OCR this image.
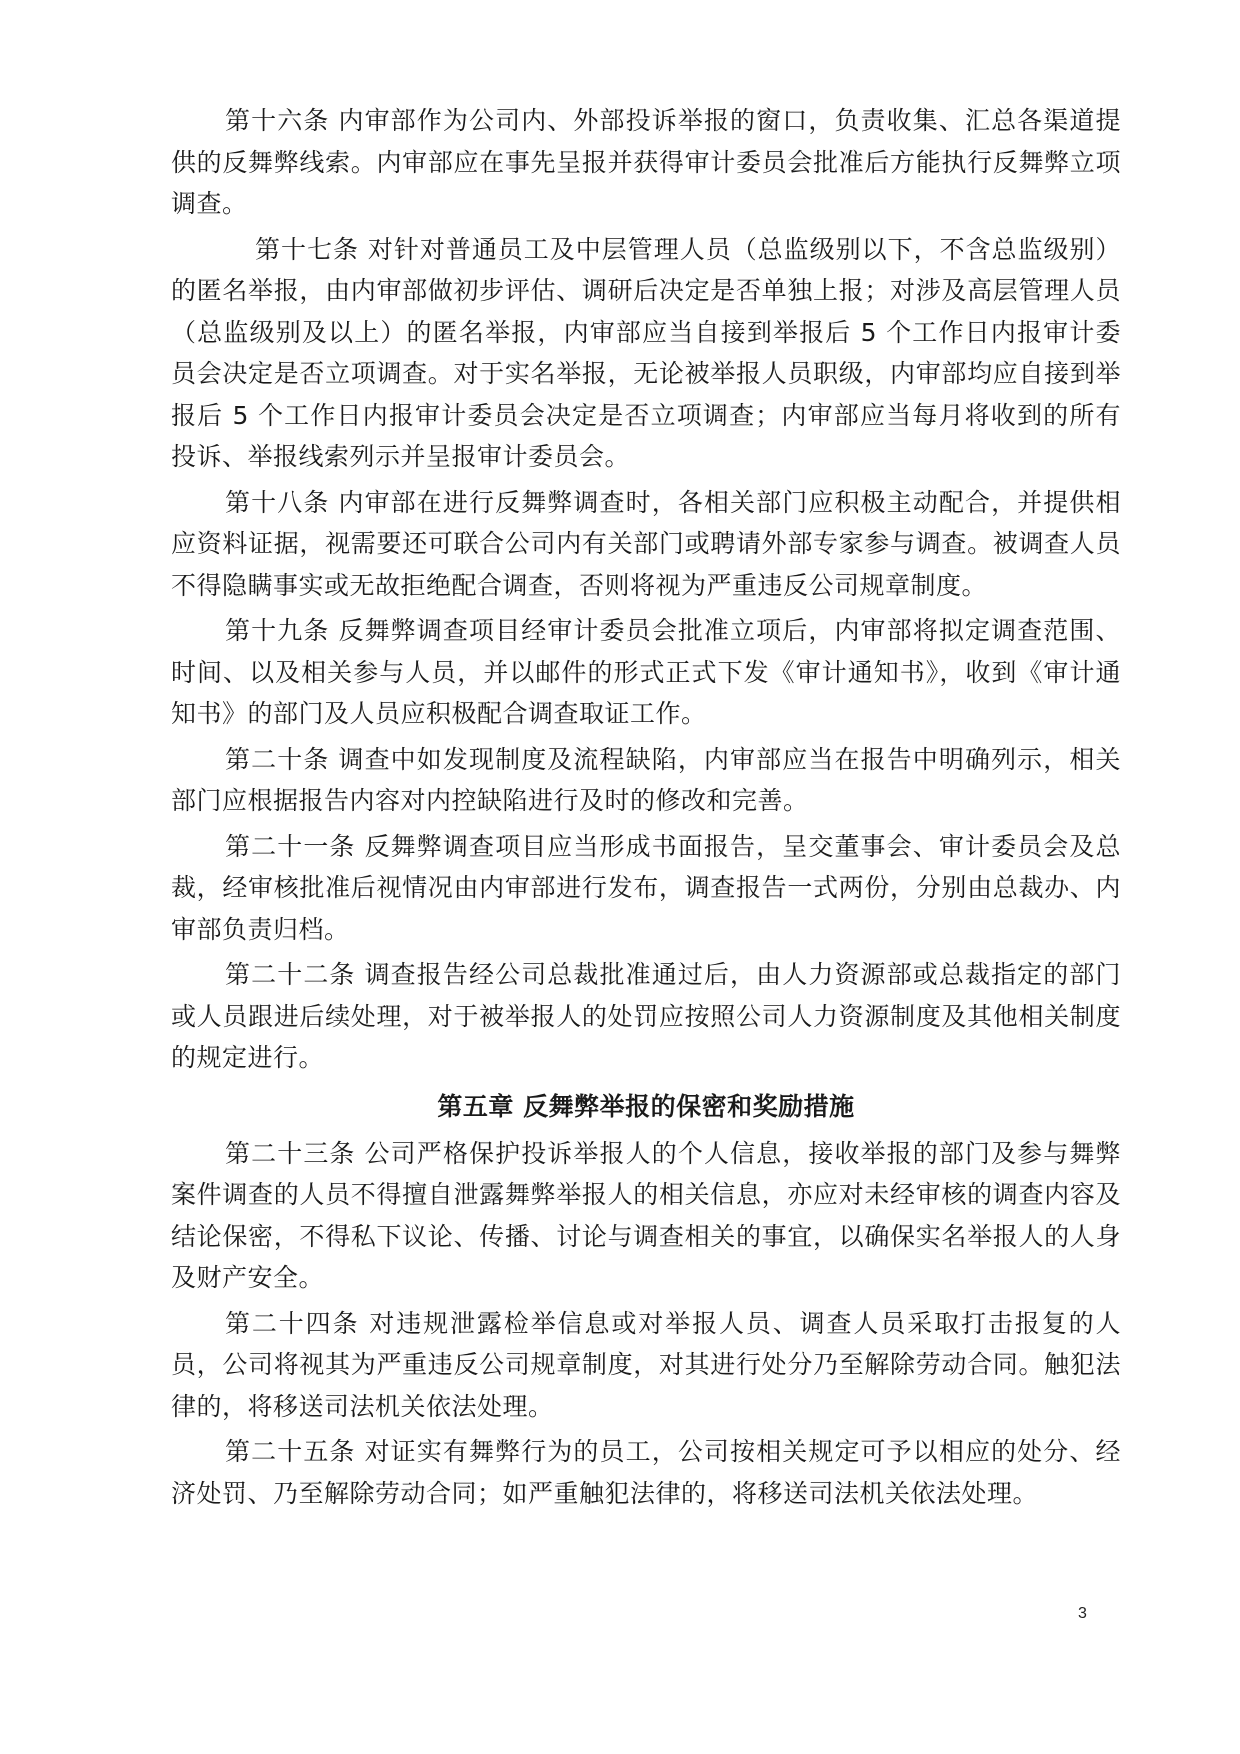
第十六条 内审部作为公司内、外部投诉举报的窗口，负责收集、汇总各渠道提供的反舞弊线索。内审部应在事先呈报并获得审计委员会批准后方能执行反舞弊立项调查。

第十七条 对针对普通员工及中层管理人员（总监级别以下，不含总监级别）的匿名举报，由内审部做初步评估、调研后决定是否单独上报；对涉及高层管理人员（总监级别及以上）的匿名举报，内审部应当自接到举报后 5 个工作日内报审计委员会决定是否立项调查。对于实名举报，无论被举报人员职级，内审部均应自接到举报后 5 个工作日内报审计委员会决定是否立项调查；内审部应当每月将收到的所有投诉、举报线索列示并呈报审计委员会。

第十八条 内审部在进行反舞弊调查时，各相关部门应积极主动配合，并提供相应资料证据，视需要还可联合公司内有关部门或聘请外部专家参与调查。被调查人员不得隐瞒事实或无故拒绝配合调查，否则将视为严重违反公司规章制度。

第十九条 反舞弊调查项目经审计委员会批准立项后，内审部将拟定调查范围、时间、以及相关参与人员，并以邮件的形式正式下发《审计通知书》，收到《审计通知书》的部门及人员应积极配合调查取证工作。

第二十条 调查中如发现制度及流程缺陷，内审部应当在报告中明确列示，相关部门应根据报告内容对内控缺陷进行及时的修改和完善。

第二十一条 反舞弊调查项目应当形成书面报告，呈交董事会、审计委员会及总裁，经审核批准后视情况由内审部进行发布，调查报告一式两份，分别由总裁办、内审部负责归档。

第二十二条 调查报告经公司总裁批准通过后，由人力资源部或总裁指定的部门或人员跟进后续处理，对于被举报人的处罚应按照公司人力资源制度及其他相关制度的规定进行。

第五章 反舞弊举报的保密和奖励措施

第二十三条 公司严格保护投诉举报人的个人信息，接收举报的部门及参与舞弊案件调查的人员不得擅自泄露舞弊举报人的相关信息，亦应对未经审核的调查内容及结论保密，不得私下议论、传播、讨论与调查相关的事宜，以确保实名举报人的人身及财产安全。

第二十四条 对违规泄露检举信息或对举报人员、调查人员采取打击报复的人员，公司将视其为严重违反公司规章制度，对其进行处分乃至解除劳动合同。触犯法律的，将移送司法机关依法处理。

第二十五条 对证实有舞弊行为的员工，公司按相关规定可予以相应的处分、经济处罚、乃至解除劳动合同；如严重触犯法律的，将移送司法机关依法处理。

3
